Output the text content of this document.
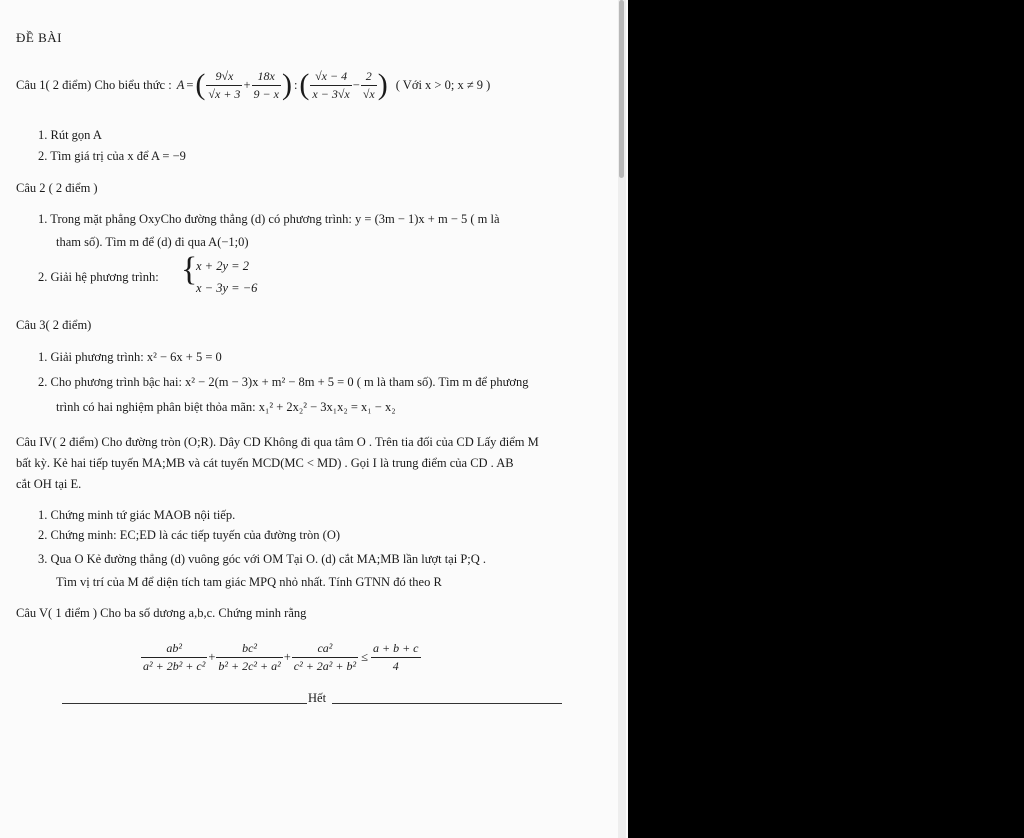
ĐỀ BÀI
Câu 1( 2 điểm) Cho biểu thức : A = ( $\frac{9√x}{√x + 3} + \frac{18x}{9 - x}$ ) : ( $\frac{√x - 4}{x - 3√x} - \frac{2}{√x}$ ) ( Với x > 0; x ≠ 9 )
1. Rút gọn A
2. Tìm giá trị của x để A = −9
Câu 2 ( 2 điểm )
1. Trong mặt phẳng OxyCho đường thẳng (d) có phương trình: y = (3m − 1)x + m − 5 ( m là
tham số). Tìm m để (d) đi qua A(−1;0)
2. Giải hệ phương trình: {
x + 2y = 2
x − 3y = −6
Câu 3( 2 điểm)
1. Giải phương trình: x² − 6x + 5 = 0
2. Cho phương trình bậc hai: x² − 2(m − 3)x + m² − 8m + 5 = 0 ( m là tham số). Tìm m để phương
trình có hai nghiệm phân biệt thỏa mãn: x₁² + 2x₂² − 3x₁x₂ = x₁ − x₂
Câu IV( 2 điểm) Cho đường tròn (O;R). Dây CD Không đi qua tâm O . Trên tia đối của CD Lấy điểm M
bất kỳ. Kẻ hai tiếp tuyến MA;MB và cát tuyến MCD(MC < MD) . Gọi I là trung điểm của CD . AB
cắt OH tại E.
1. Chứng minh tứ giác MAOB nội tiếp.
2. Chứng minh: EC;ED là các tiếp tuyến của đường tròn (O)
3. Qua O Kẻ đường thẳng (d) vuông góc với OM Tại O. (d) cắt MA;MB lần lượt tại P;Q .
Tìm vị trí của M để diện tích tam giác MPQ nhỏ nhất. Tính GTNN đó theo R
Câu V( 1 điểm ) Cho ba số dương a,b,c. Chứng minh rằng
$\frac{\text{ab²}}{\text{a² + 2b² + c²}} + \frac{\text{bc²}}{\text{b² + 2c² + a²}} + \frac{\text{ca²}}{\text{c² + 2a² + b²}} \le \frac{a + b + c}{4}$
Hết
